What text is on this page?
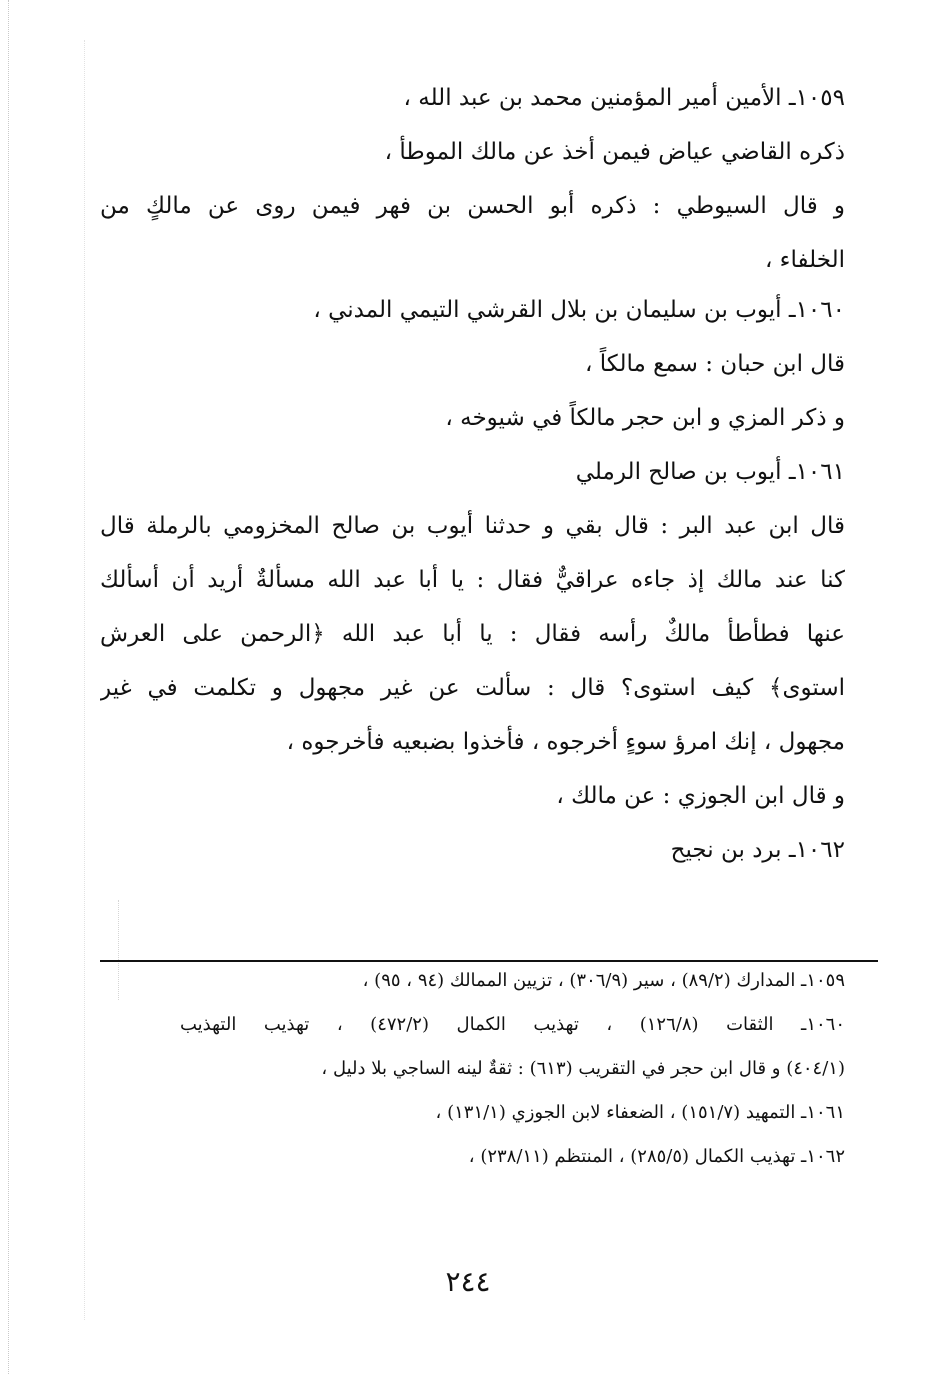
١٠٥٩ـ الأمين أمير المؤمنين محمد بن عبد الله ،
ذكره القاضي عياض فيمن أخذ عن مالك الموطأ ،
و قال السيوطي : ذكره أبو الحسن بن فهر فيمن روى عن مالكٍ من
الخلفاء ،
١٠٦٠ـ أيوب بن سليمان بن بلال القرشي التيمي المدني ،
قال ابن حبان : سمع مالكاً ،
و ذكر المزي و ابن حجر مالكاً في شيوخه ،
١٠٦١ـ أيوب بن صالح الرملي
قال ابن عبد البر : قال بقي و حدثنا أيوب بن صالح المخزومي بالرملة قال
كنا عند مالك إذ جاءه عراقيٌّ فقال : يا أبا عبد الله مسألةٌ أريد أن أسألك
عنها فطأطأ مالكٌ رأسه فقال : يا أبا عبد الله ﴿الرحمن على العرش
استوى﴾ كيف استوى؟ قال : سألت عن غير مجهول و تكلمت في غير
مجهول ، إنك امرؤ سوءٍ أخرجوه ، فأخذوا بضبعيه فأخرجوه ،
و قال ابن الجوزي : عن مالك ،
١٠٦٢ـ برد بن نجيح
١٠٥٩ـ المدارك (٨٩/٢) ، سير (٣٠٦/٩) ، تزيين الممالك (٩٤ ، ٩٥) ،
١٠٦٠ـ الثقات (١٢٦/٨) ، تهذيب الكمال (٤٧٢/٢) ، تهذيب التهذيب
(٤٠٤/١) و قال ابن حجر في التقريب (٦١٣) : ثقةٌ لينه الساجي بلا دليل ،
١٠٦١ـ التمهيد (١٥١/٧) ، الضعفاء لابن الجوزي (١٣١/١) ،
١٠٦٢ـ تهذيب الكمال (٢٨٥/٥) ، المنتظم (٢٣٨/١١) ،
٢٤٤
